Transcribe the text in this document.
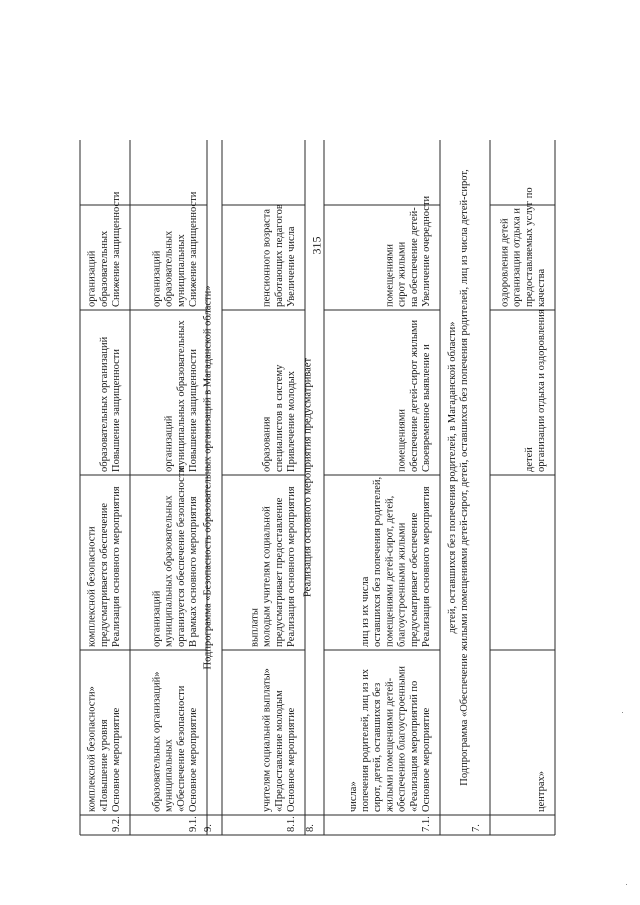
315
центрах»
организации отдыха и оздоровления
детей
качества
предоставляемых услуг по
организации отдыха и
оздоровления детей
7.
Подпрограмма «Обеспечение жилыми помещениями детей-сирот, детей, оставшихся без попечения родителей, лиц из числа детей-сирот,
детей, оставшихся без попечения родителей, в Магаданской области»
7.1.
Основное мероприятие
«Реализация мероприятий по
обеспечению благоустроенными
жилыми помещениями детей-
сирот, детей, оставшихся без
попечения родителей, лиц из их
числа»
Реализация основного мероприятия
предусматривает обеспечение
благоустроенными жилыми
помещениями детей-сирот, детей,
оставшихся без попечения родителей,
лиц из их числа
Своевременное выявление и
обеспечение детей-сирот жилыми
помещениями
Увеличение очередности
на обеспечение детей-
сирот жилыми
помещениями
8.
Реализация основного мероприятия предусматривает
8.1.
Основное мероприятие
«Предоставление молодым
учителям социальной выплаты»
Реализация основного мероприятия
предусматривает предоставление
молодым учителям социальной
выплаты
Привлечение молодых
специалистов в систему
образования
Увеличение числа
работающих педагогов
пенсионного возраста
9.
Подпрограмма «Безопасность образовательных организаций в Магаданской области»
9.1.
Основное мероприятие
«Обеспечение безопасности
муниципальных
образовательных организаций»
В рамках основного мероприятия
организуется обеспечение безопасности
муниципальных образовательных
организаций
Повышение защищенности
муниципальных образовательных
организаций
Снижение защищенности
муниципальных
образовательных
организаций
9.2.
Основное мероприятие
«Повышение уровня
комплексной безопасности»
Реализация основного мероприятия
предусматривается обеспечение
комплексной безопасности
Повышение защищенности
образовательных организаций
Снижение защищенности
образовательных
организаций
